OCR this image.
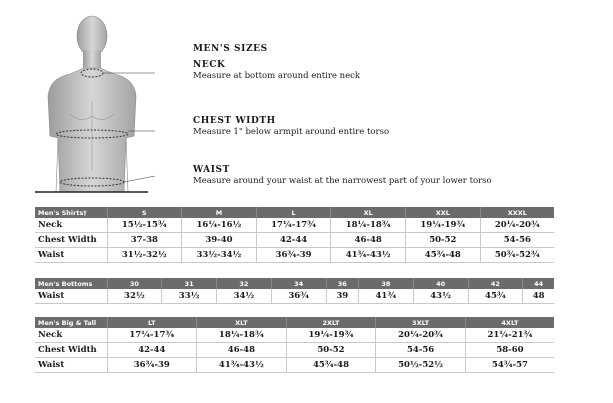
MEN'S SIZES
NECK
Measure at bottom around entire neck
CHEST WIDTH
Measure 1" below armpit around entire torso
WAIST
Measure around your waist at the narrowest part of your lower torso
Men's Shirts†	S	M	L	XL	XXL	XXXL
Neck	15½-15¾	16¼-16½	17¼-17¾	18¼-18¾	19¼-19¾	20¼-20¾
Chest Width	37-38	39-40	42-44	46-48	50-52	54-56
Waist	31½-32½	33½-34½	36¾-39	41¾-43½	45¾-48	50¾-52¾
Men's Bottoms	30	31	32	34	36	38	40	42	44
Waist	32½	33½	34½	36¾	39	41¾	43½	45¾	48
Men's Big & Tall	LT	XLT	2XLT	3XLT	4XLT
Neck	17¼-17¾	18¼-18¾	19¼-19¾	20¼-20¾	21¼-21¾
Chest Width	42-44	46-48	50-52	54-56	58-60
Waist	36¾-39	41¾-43½	45¾-48	50½-52½	54¾-57
